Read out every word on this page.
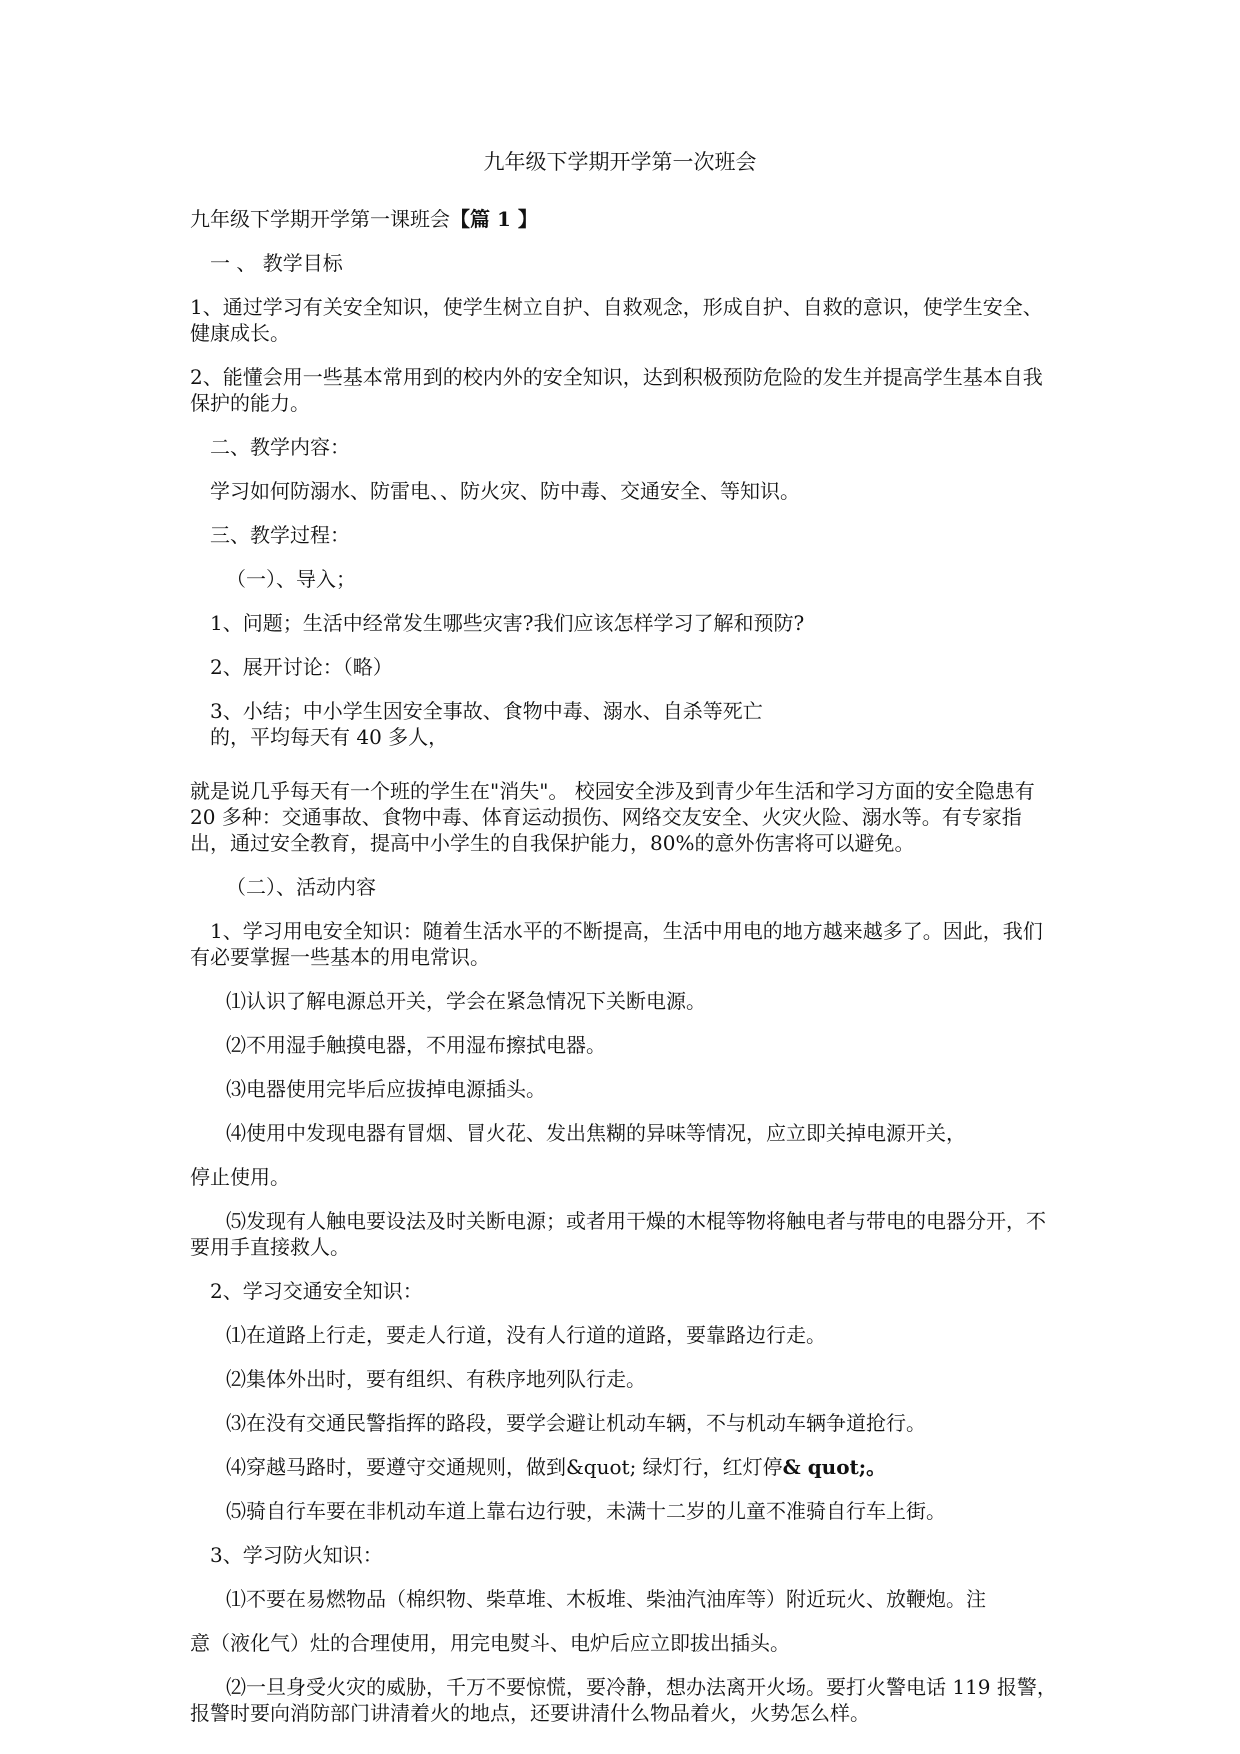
九年级下学期开学第一次班会

九年级下学期开学第一课班会【篇 1 】

一 、 教学目标

1、通过学习有关安全知识，使学生树立自护、自救观念，形成自护、自救的意识，使学生安全、健康成长。

2、能懂会用一些基本常用到的校内外的安全知识，达到积极预防危险的发生并提高学生基本自我保护的能力。

二、教学内容：

学习如何防溺水、防雷电、、防火灾、防中毒、交通安全、等知识。

三、教学过程：

（一）、导入；

1、问题；生活中经常发生哪些灾害?我们应该怎样学习了解和预防?

2、展开讨论：（略）

3、小结；中小学生因安全事故、食物中毒、溺水、自杀等死亡的，平均每天有 40 多人，

就是说几乎每天有一个班的学生在"消失"。 校园安全涉及到青少年生活和学习方面的安全隐患有 20 多种：交通事故、食物中毒、体育运动损伤、网络交友安全、火灾火险、溺水等。有专家指出，通过安全教育，提高中小学生的自我保护能力，80%的意外伤害将可以避免。

（二）、活动内容

1、学习用电安全知识：随着生活水平的不断提高，生活中用电的地方越来越多了。因此，我们有必要掌握一些基本的用电常识。

⑴认识了解电源总开关，学会在紧急情况下关断电源。

⑵不用湿手触摸电器，不用湿布擦拭电器。

⑶电器使用完毕后应拔掉电源插头。

⑷使用中发现电器有冒烟、冒火花、发出焦糊的异味等情况，应立即关掉电源开关，

停止使用。

⑸发现有人触电要设法及时关断电源；或者用干燥的木棍等物将触电者与带电的电器分开，不要用手直接救人。

2、学习交通安全知识：

⑴在道路上行走，要走人行道，没有人行道的道路，要靠路边行走。

⑵集体外出时，要有组织、有秩序地列队行走。

⑶在没有交通民警指挥的路段，要学会避让机动车辆，不与机动车辆争道抢行。

⑷穿越马路时，要遵守交通规则，做到&quot; 绿灯行，红灯停& quot;。

⑸骑自行车要在非机动车道上靠右边行驶，未满十二岁的儿童不准骑自行车上街。

3、学习防火知识：

⑴不要在易燃物品（棉织物、柴草堆、木板堆、柴油汽油库等）附近玩火、放鞭炮。注

意（液化气）灶的合理使用，用完电熨斗、电炉后应立即拔出插头。

⑵一旦身受火灾的威胁，千万不要惊慌，要冷静，想办法离开火场。要打火警电话 119 报警，报警时要向消防部门讲清着火的地点，还要讲清什么物品着火，火势怎么样。
